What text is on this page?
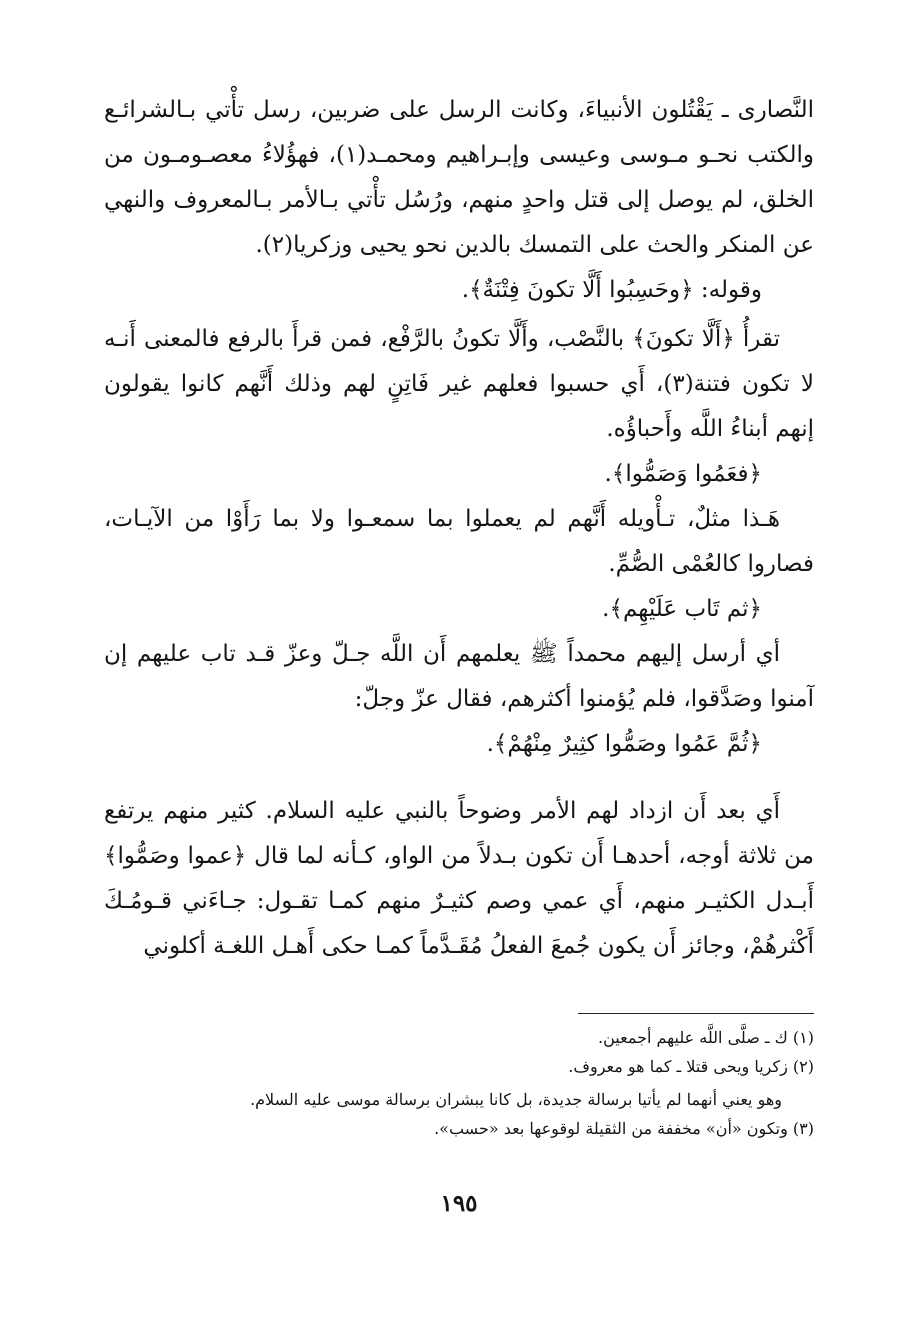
النَّصارى ـ يَقْتُلون الأنبياءَ، وكانت الرسل على ضربين، رسل تأْتي بـالشرائـع والكتب نحـو مـوسى وعيسى وإبـراهيم ومحمـد(١)، فهؤُلاءُ معصـومـون من الخلق، لم يوصل إلى قتل واحدٍ منهم، ورُسُل تأْتي بـالأمر بـالمعروف والنهي عن المنكر والحث على التمسك بالدين نحو يحيى وزكريا(٢).

وقوله: ﴿وحَسِبُوا أَلَّا تكونَ فِتْنَةٌ﴾.

تقرأُ ﴿أَلَّا تكونَ﴾ بالنَّصْب، وأَلَّا تكونُ بالرَّفْع، فمن قرأَ بالرفع فالمعنى أَنـه لا تكون فتنة(٣)، أَي حسبوا فعلهم غير فَاتِنٍ لهم وذلك أَنَّهم كانوا يقولون إنهم أبناءُ اللَّه وأَحباؤُه.

﴿فعَمُوا وَصَمُّوا﴾.

هَـذا مثلٌ، تـأْويله أَنَّهم لم يعملوا بما سمعـوا ولا بما رَأَوْا من الآيـات، فصاروا كالعُمْى الصُّمِّ.

﴿ثم تَاب عَلَيْهِم﴾.

أي أرسل إليهم محمداً ﷺ يعلمهم أَن اللَّه جـلّ وعزّ قـد تاب عليهم إن آمنوا وصَدَّقوا، فلم يُؤمنوا أكثرهم، فقال عزّ وجلّ:

﴿ثُمَّ عَمُوا وصَمُّوا كثِيرٌ مِنْهُمْ﴾.

أَي بعد أَن ازداد لهم الأمر وضوحاً بالنبي عليه السلام. كثير منهم يرتفع من ثلاثة أوجه، أحدهـا أَن تكون بـدلاً من الواو، كـأنه لما قال ﴿عموا وصَمُّوا﴾ أَبـدل الكثيـر منهم، أَي عمي وصم كثيـرٌ منهم كمـا تقـول: جـاءَني قـومُـكَ أَكْثرهُمْ، وجائز أَن يكون جُمعَ الفعلُ مُقَـدَّماً كمـا حكى أَهـل اللغـة أكلوني

(١) ك ـ صلَّى اللَّه عليهم أجمعين.

(٢) زكريا ويحى قتلا ـ كما هو معروف.

وهو يعني أنهما لم يأتيا برسالة جديدة، بل كانا يبشران برسالة موسى عليه السلام.

(٣) وتكون «أن» مخففة من الثقيلة لوقوعها بعد «حسب».

١٩٥
